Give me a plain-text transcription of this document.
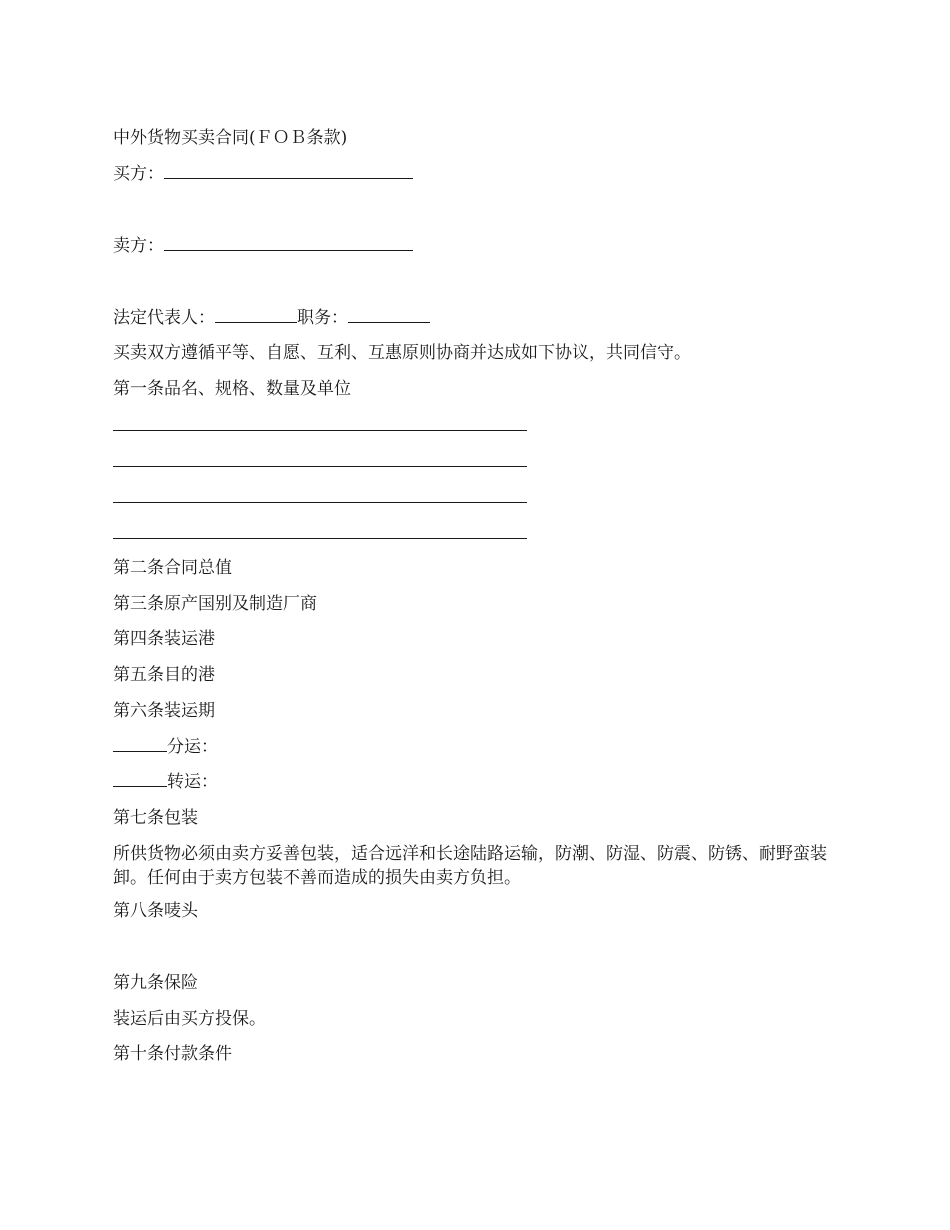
中外货物买卖合同(ＦＯＢ条款)
买方：
卖方：
法定代表人：	职务：
买卖双方遵循平等、自愿、互利、互惠原则协商并达成如下协议，共同信守。
第一条品名、规格、数量及单位
第二条合同总值
第三条原产国别及制造厂商
第四条装运港
第五条目的港
第六条装运期
分运：
转运：
第七条包装
所供货物必须由卖方妥善包装，适合远洋和长途陆路运输，防潮、防湿、防震、防锈、耐野蛮装卸。任何由于卖方包装不善而造成的损失由卖方负担。
第八条唛头
第九条保险
装运后由买方投保。
第十条付款条件
